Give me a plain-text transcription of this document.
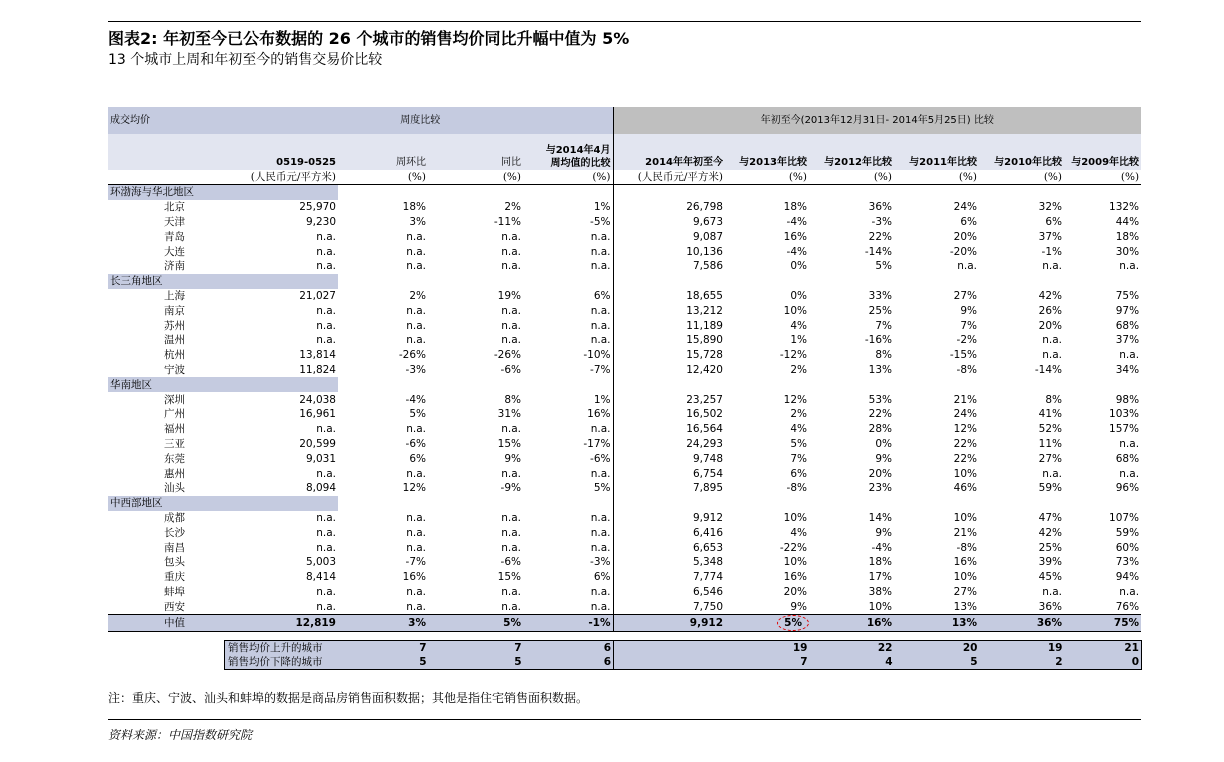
图表2: 年初至今已公布数据的 26 个城市的销售均价同比升幅中值为 5%
13 个城市上周和年初至今的销售交易价比较
成交均价	周度比较				年初至今(2013年12月31日- 2014年5月25日) 比较					
	0519-0525	周环比	同比	与2014年4月 周均值的比较	2014年年初至今	与2013年比较	与2012年比较	与2011年比较	与2010年比较	与2009年比较
	(人民币元/平方米)	(%)	(%)	(%)	(人民币元/平方米)	(%)	(%)	(%)	(%)	(%)
环渤海与华北地区										
北京	25,970	18%	2%	1%	26,798	18%	36%	24%	32%	132%
天津	9,230	3%	-11%	-5%	9,673	-4%	-3%	6%	6%	44%
青岛	n.a.	n.a.	n.a.	n.a.	9,087	16%	22%	20%	37%	18%
大连	n.a.	n.a.	n.a.	n.a.	10,136	-4%	-14%	-20%	-1%	30%
济南	n.a.	n.a.	n.a.	n.a.	7,586	0%	5%	n.a.	n.a.	n.a.
长三角地区										
上海	21,027	2%	19%	6%	18,655	0%	33%	27%	42%	75%
南京	n.a.	n.a.	n.a.	n.a.	13,212	10%	25%	9%	26%	97%
苏州	n.a.	n.a.	n.a.	n.a.	11,189	4%	7%	7%	20%	68%
温州	n.a.	n.a.	n.a.	n.a.	15,890	1%	-16%	-2%	n.a.	37%
杭州	13,814	-26%	-26%	-10%	15,728	-12%	8%	-15%	n.a.	n.a.
宁波	11,824	-3%	-6%	-7%	12,420	2%	13%	-8%	-14%	34%
华南地区										
深圳	24,038	-4%	8%	1%	23,257	12%	53%	21%	8%	98%
广州	16,961	5%	31%	16%	16,502	2%	22%	24%	41%	103%
福州	n.a.	n.a.	n.a.	n.a.	16,564	4%	28%	12%	52%	157%
三亚	20,599	-6%	15%	-17%	24,293	5%	0%	22%	11%	n.a.
东莞	9,031	6%	9%	-6%	9,748	7%	9%	22%	27%	68%
惠州	n.a.	n.a.	n.a.	n.a.	6,754	6%	20%	10%	n.a.	n.a.
汕头	8,094	12%	-9%	5%	7,895	-8%	23%	46%	59%	96%
中西部地区										
成都	n.a.	n.a.	n.a.	n.a.	9,912	10%	14%	10%	47%	107%
长沙	n.a.	n.a.	n.a.	n.a.	6,416	4%	9%	21%	42%	59%
南昌	n.a.	n.a.	n.a.	n.a.	6,653	-22%	-4%	-8%	25%	60%
包头	5,003	-7%	-6%	-3%	5,348	10%	18%	16%	39%	73%
重庆	8,414	16%	15%	6%	7,774	16%	17%	10%	45%	94%
蚌埠	n.a.	n.a.	n.a.	n.a.	6,546	20%	38%	27%	n.a.	n.a.
西安	n.a.	n.a.	n.a.	n.a.	7,750	9%	10%	13%	36%	76%
中值	12,819	3%	5%	-1%	9,912	5%	16%	13%	36%	75%
销售均价上升的城市	7	7	6		19	22	20	19	21
销售均价下降的城市	5	5	6		7	4	5	2	0
注：重庆、宁波、汕头和蚌埠的数据是商品房销售面积数据；其他是指住宅销售面积数据。
资料来源：中国指数研究院
